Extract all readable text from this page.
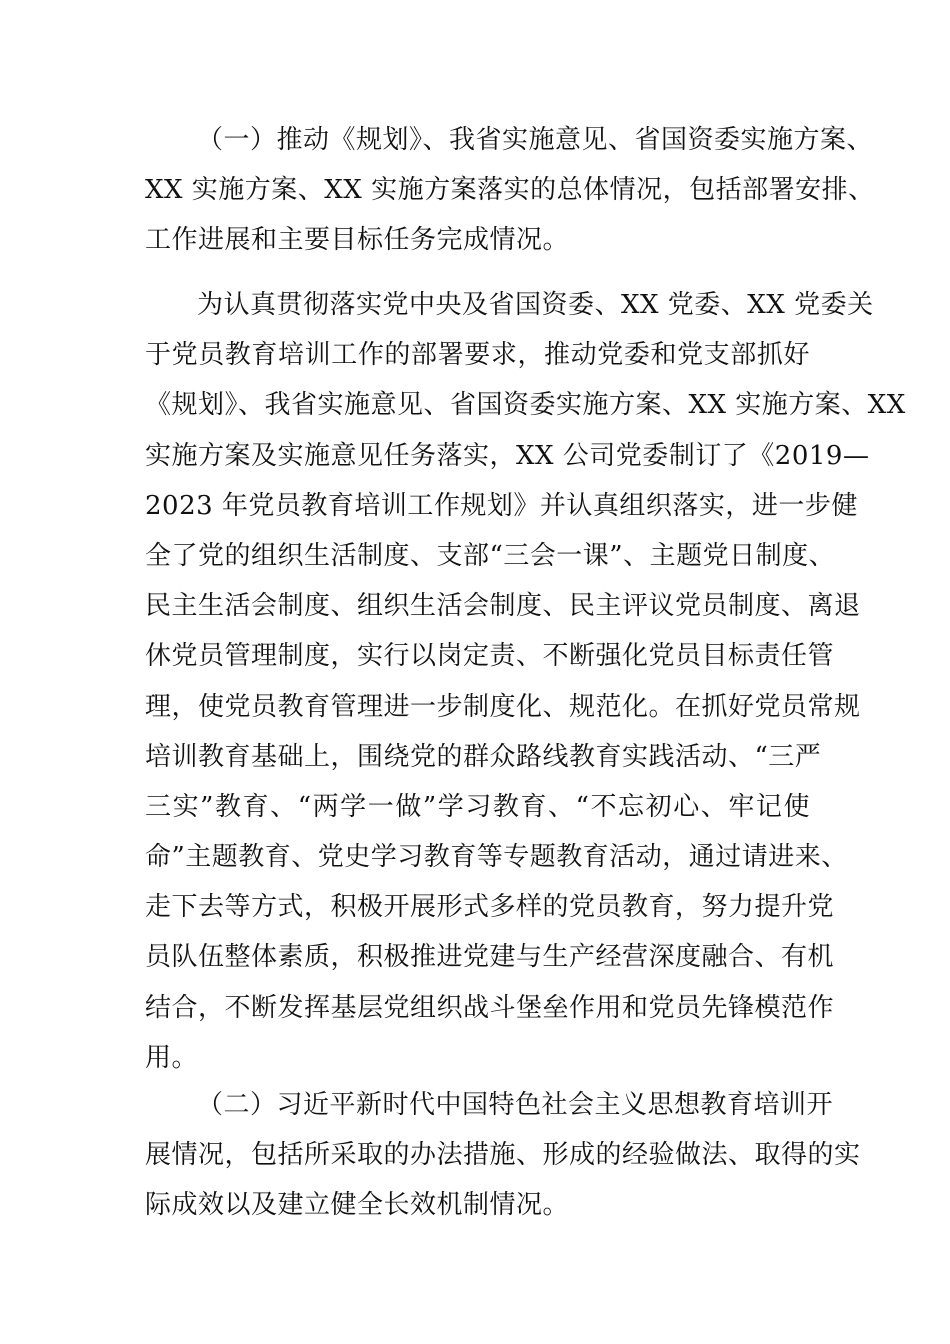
（一）推动《规划》、我省实施意见、省国资委实施方案、
XX 实施方案、XX 实施方案落实的总体情况，包括部署安排、
工作进展和主要目标任务完成情况。
为认真贯彻落实党中央及省国资委、XX 党委、XX 党委关
于党员教育培训工作的部署要求，推动党委和党支部抓好
《规划》、我省实施意见、省国资委实施方案、XX 实施方案、XX
实施方案及实施意见任务落实，XX 公司党委制订了《2019—
2023 年党员教育培训工作规划》并认真组织落实，进一步健
全了党的组织生活制度、支部“三会一课”、主题党日制度、
民主生活会制度、组织生活会制度、民主评议党员制度、离退
休党员管理制度，实行以岗定责、不断强化党员目标责任管
理，使党员教育管理进一步制度化、规范化。在抓好党员常规
培训教育基础上，围绕党的群众路线教育实践活动、“三严
三实”教育、“两学一做”学习教育、“不忘初心、牢记使
命”主题教育、党史学习教育等专题教育活动，通过请进来、
走下去等方式，积极开展形式多样的党员教育，努力提升党
员队伍整体素质，积极推进党建与生产经营深度融合、有机
结合，不断发挥基层党组织战斗堡垒作用和党员先锋模范作
用。
（二）习近平新时代中国特色社会主义思想教育培训开
展情况，包括所采取的办法措施、形成的经验做法、取得的实
际成效以及建立健全长效机制情况。
